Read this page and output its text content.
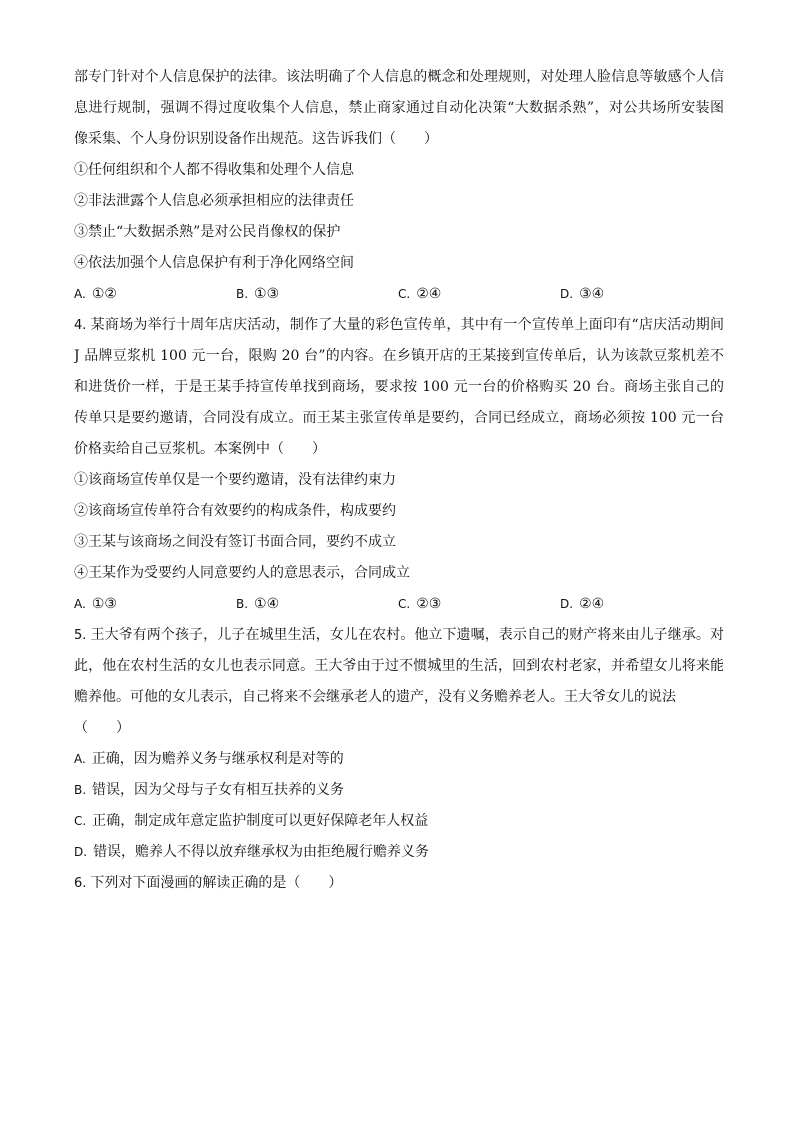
部专门针对个人信息保护的法律。该法明确了个人信息的概念和处理规则，对处理人脸信息等敏感个人信
息进行规制，强调不得过度收集个人信息，禁止商家通过自动化决策“大数据杀熟”，对公共场所安装图
像采集、个人身份识别设备作出规范。这告诉我们（　　）
①任何组织和个人都不得收集和处理个人信息
②非法泄露个人信息必须承担相应的法律责任
③禁止“大数据杀熟”是对公民肖像权的保护
④依法加强个人信息保护有利于净化网络空间
A. ①②	B. ①③	C. ②④	D. ③④
4. 某商场为举行十周年店庆活动，制作了大量的彩色宣传单，其中有一个宣传单上面印有“店庆活动期间
J 品牌豆浆机 100 元一台，限购 20 台”的内容。在乡镇开店的王某接到宣传单后，认为该款豆浆机差不
和进货价一样，于是王某手持宣传单找到商场，要求按 100 元一台的价格购买 20 台。商场主张自己的
传单只是要约邀请，合同没有成立。而王某主张宣传单是要约，合同已经成立，商场必须按 100 元一台
价格卖给自己豆浆机。本案例中（　　）
①该商场宣传单仅是一个要约邀请，没有法律约束力
②该商场宣传单符合有效要约的构成条件，构成要约
③王某与该商场之间没有签订书面合同，要约不成立
④王某作为受要约人同意要约人的意思表示，合同成立
A. ①③	B. ①④	C. ②③	D. ②④
5. 王大爷有两个孩子，儿子在城里生活，女儿在农村。他立下遗嘱，表示自己的财产将来由儿子继承。对
此，他在农村生活的女儿也表示同意。王大爷由于过不惯城里的生活，回到农村老家，并希望女儿将来能
赡养他。可他的女儿表示，自己将来不会继承老人的遗产，没有义务赡养老人。王大爷女儿的说法
（　　）
A. 正确，因为赡养义务与继承权利是对等的
B. 错误，因为父母与子女有相互扶养的义务
C. 正确，制定成年意定监护制度可以更好保障老年人权益
D. 错误，赡养人不得以放弃继承权为由拒绝履行赡养义务
6. 下列对下面漫画的解读正确的是（　　）
